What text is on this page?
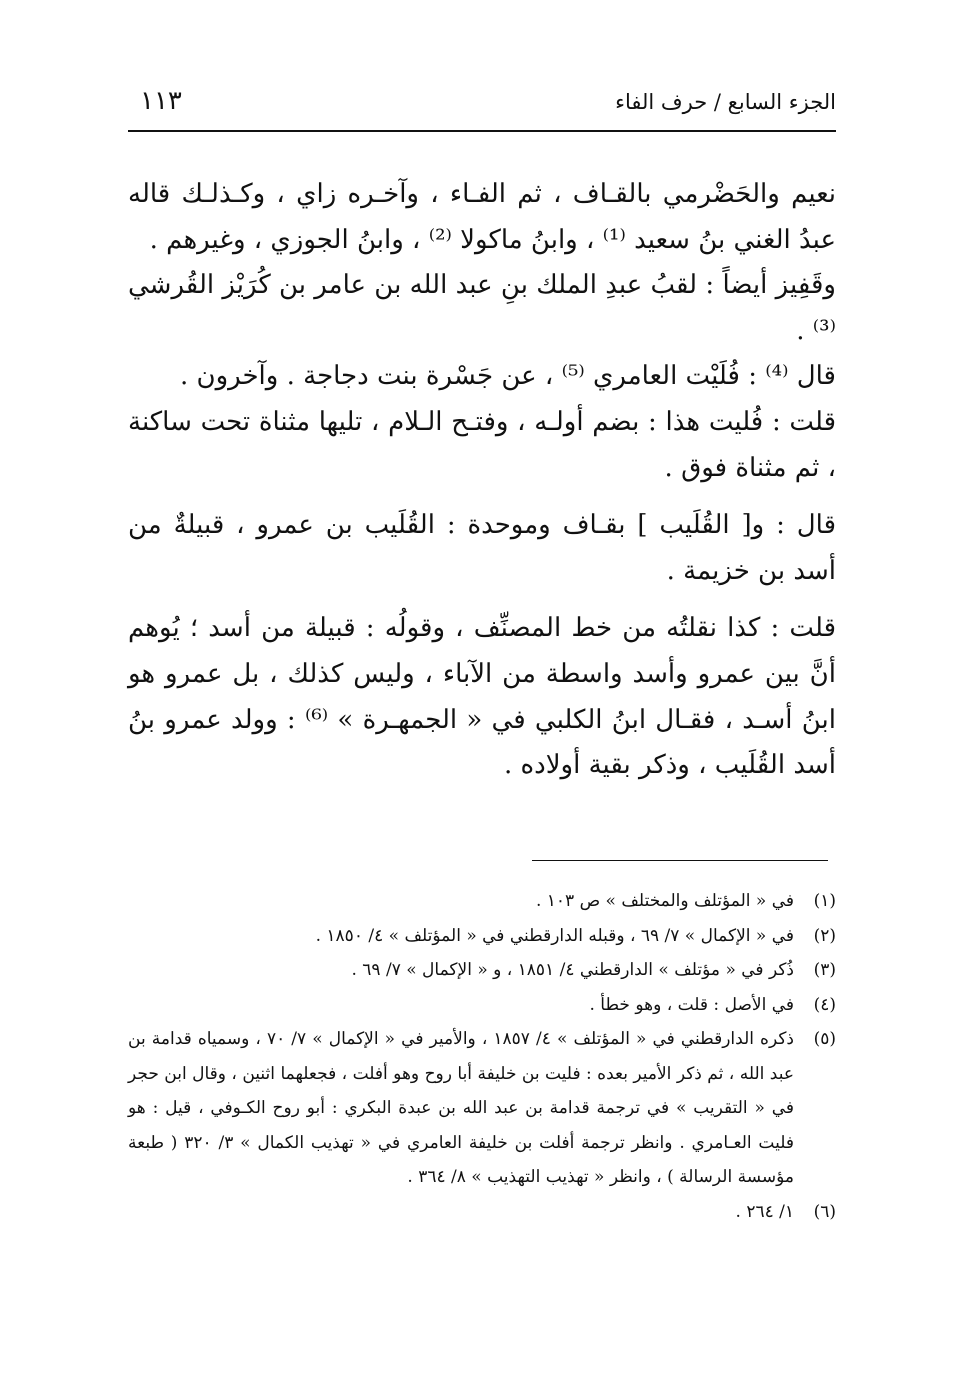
الجزء السابع / حرف الفاء
١١٣

نعيم والحَضْرمي بالقـاف ، ثم الفـاء ، وآخـره زاي ، وكـذلـك قاله عبدُ الغني بنُ سعيد ⁽¹⁾ ، وابنُ ماكولا ⁽²⁾ ، وابنُ الجوزي ، وغيرهم .

وقَفِيز أيضاً : لقبُ عبدِ الملك بنِ عبد الله بن عامر بن كُرَيْز القُرشي ⁽³⁾ .

قال ⁽⁴⁾ : فُلَيْت العامري ⁽⁵⁾ ، عن جَسْرة بنت دجاجة . وآخرون .

قلت : فُليت هذا : بضم أولـه ، وفتـح الـلام ، تليها مثناة تحت ساكنة ، ثم مثناة فوق .

قال : و[ القُلَيب ] بقـاف وموحدة : القُلَيب بن عمرو ، قبيلةٌ من أسد بن خزيمة .

قلت : كذا نقلتُه من خط المصنِّف ، وقولُه : قبيلة من أسد ؛ يُوهم أنَّ بين عمرو وأسد واسطة من الآباء ، وليس كذلك ، بل عمرو هو ابنُ أسـد ، فقـال ابنُ الكلبي في « الجمهـرة » ⁽⁶⁾ : وولد عمرو بنُ أسد القُلَيب ، وذكر بقية أولاده .

(١)
في « المؤتلف والمختلف » ص ١٠٣ .
(٢)
في « الإكمال » ٧/ ٦٩ ، وقبله الدارقطني في « المؤتلف » ٤/ ١٨٥٠ .
(٣)
ذُكر في « مؤتلف » الدارقطني ٤/ ١٨٥١ ، و « الإكمال » ٧/ ٦٩ .
(٤)
في الأصل : قلت ، وهو خطأ .
(٥)
ذكره الدارقطني في « المؤتلف » ٤/ ١٨٥٧ ، والأمير في « الإكمال » ٧/ ٧٠ ، وسمياه قدامة بن عبد الله ، ثم ذكر الأمير بعده : فليت بن خليفة أبا روح وهو أفلت ، فجعلهما اثنين ، وقال ابن حجر في « التقريب » في ترجمة قدامة بن عبد الله بن عبدة البكري : أبو روح الكـوفي ، قيل : هو فليت العـامري . وانظر ترجمة أفلت بن خليفة العامري في « تهذيب الكمال » ٣/ ٣٢٠ ( طبعة مؤسسة الرسالة ) ، وانظر « تهذيب التهذيب » ٨/ ٣٦٤ .
(٦)
١/ ٢٦٤ .
